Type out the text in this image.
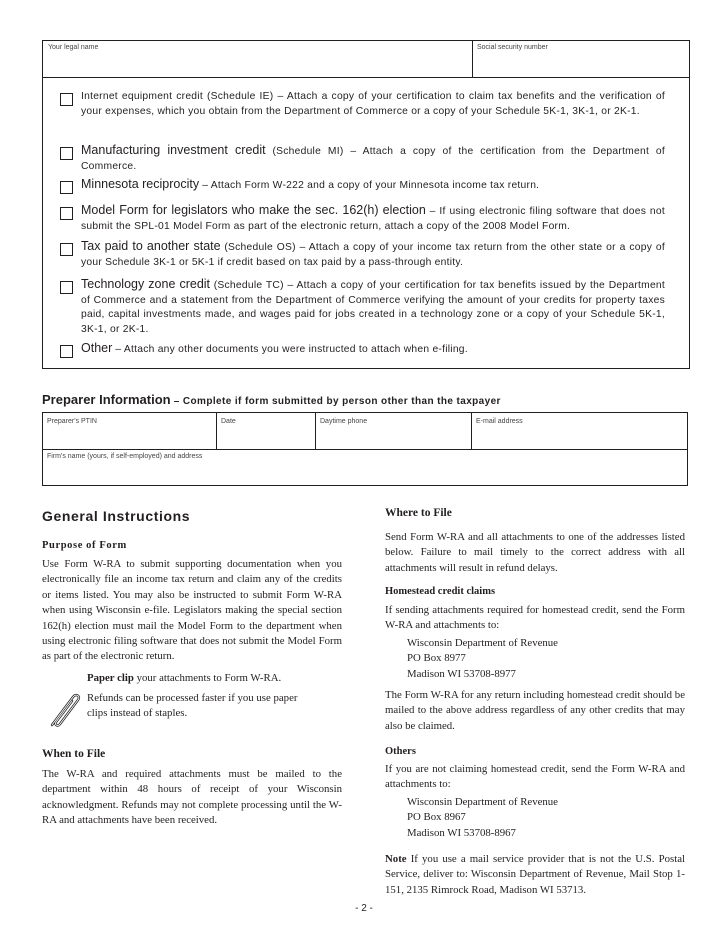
Your legal name	Social security number
Internet equipment credit (Schedule IE) – Attach a copy of your certification to claim tax benefits and the verification of your expenses, which you obtain from the Department of Commerce or a copy of your Schedule 5K-1, 3K-1, or 2K-1.
Manufacturing investment credit (Schedule MI) – Attach a copy of the certification from the Department of Commerce.
Minnesota reciprocity – Attach Form W-222 and a copy of your Minnesota income tax return.
Model Form for legislators who make the sec. 162(h) election – If using electronic filing software that does not submit the SPL-01 Model Form as part of the electronic return, attach a copy of the 2008 Model Form.
Tax paid to another state (Schedule OS) – Attach a copy of your income tax return from the other state or a copy of your Schedule 3K-1 or 5K-1 if credit based on tax paid by a pass-through entity.
Technology zone credit (Schedule TC) – Attach a copy of your certification for tax benefits issued by the Department of Commerce and a statement from the Department of Commerce verifying the amount of your credits for property taxes paid, capital investments made, and wages paid for jobs created in a technology zone or a copy of your Schedule 5K-1, 3K-1, or 2K-1.
Other – Attach any other documents you were instructed to attach when e-filing.
Preparer Information – Complete if form submitted by person other than the taxpayer
Preparer's PTIN	Date	Daytime phone	E-mail address
Firm's name (yours, if self-employed) and address
General Instructions
Purpose of Form
Use Form W-RA to submit supporting documentation when you electronically file an income tax return and claim any of the credits or items listed. You may also be instructed to submit Form W-RA when using Wisconsin e-file. Legislators making the special section 162(h) election must mail the Model Form to the department when using electronic filing software that does not submit the Model Form as part of the electronic return.
Paper clip your attachments to Form W-RA.
Refunds can be processed faster if you use paper clips instead of staples.
When to File
The W-RA and required attachments must be mailed to the department within 48 hours of receipt of your Wisconsin acknowledgment. Refunds may not complete processing until the W-RA and attachments have been received.
Where to File
Send Form W-RA and all attachments to one of the addresses listed below. Failure to mail timely to the correct address with all attachments will result in refund delays.
Homestead credit claims
If sending attachments required for homestead credit, send the Form W-RA and attachments to:
Wisconsin Department of Revenue
PO Box 8977
Madison WI 53708-8977
The Form W-RA for any return including homestead credit should be mailed to the above address regardless of any other credits that may also be claimed.
Others
If you are not claiming homestead credit, send the Form W-RA and attachments to:
Wisconsin Department of Revenue
PO Box 8967
Madison WI 53708-8967
Note If you use a mail service provider that is not the U.S. Postal Service, deliver to: Wisconsin Department of Revenue, Mail Stop 1-151, 2135 Rimrock Road, Madison WI 53713.
- 2 -
